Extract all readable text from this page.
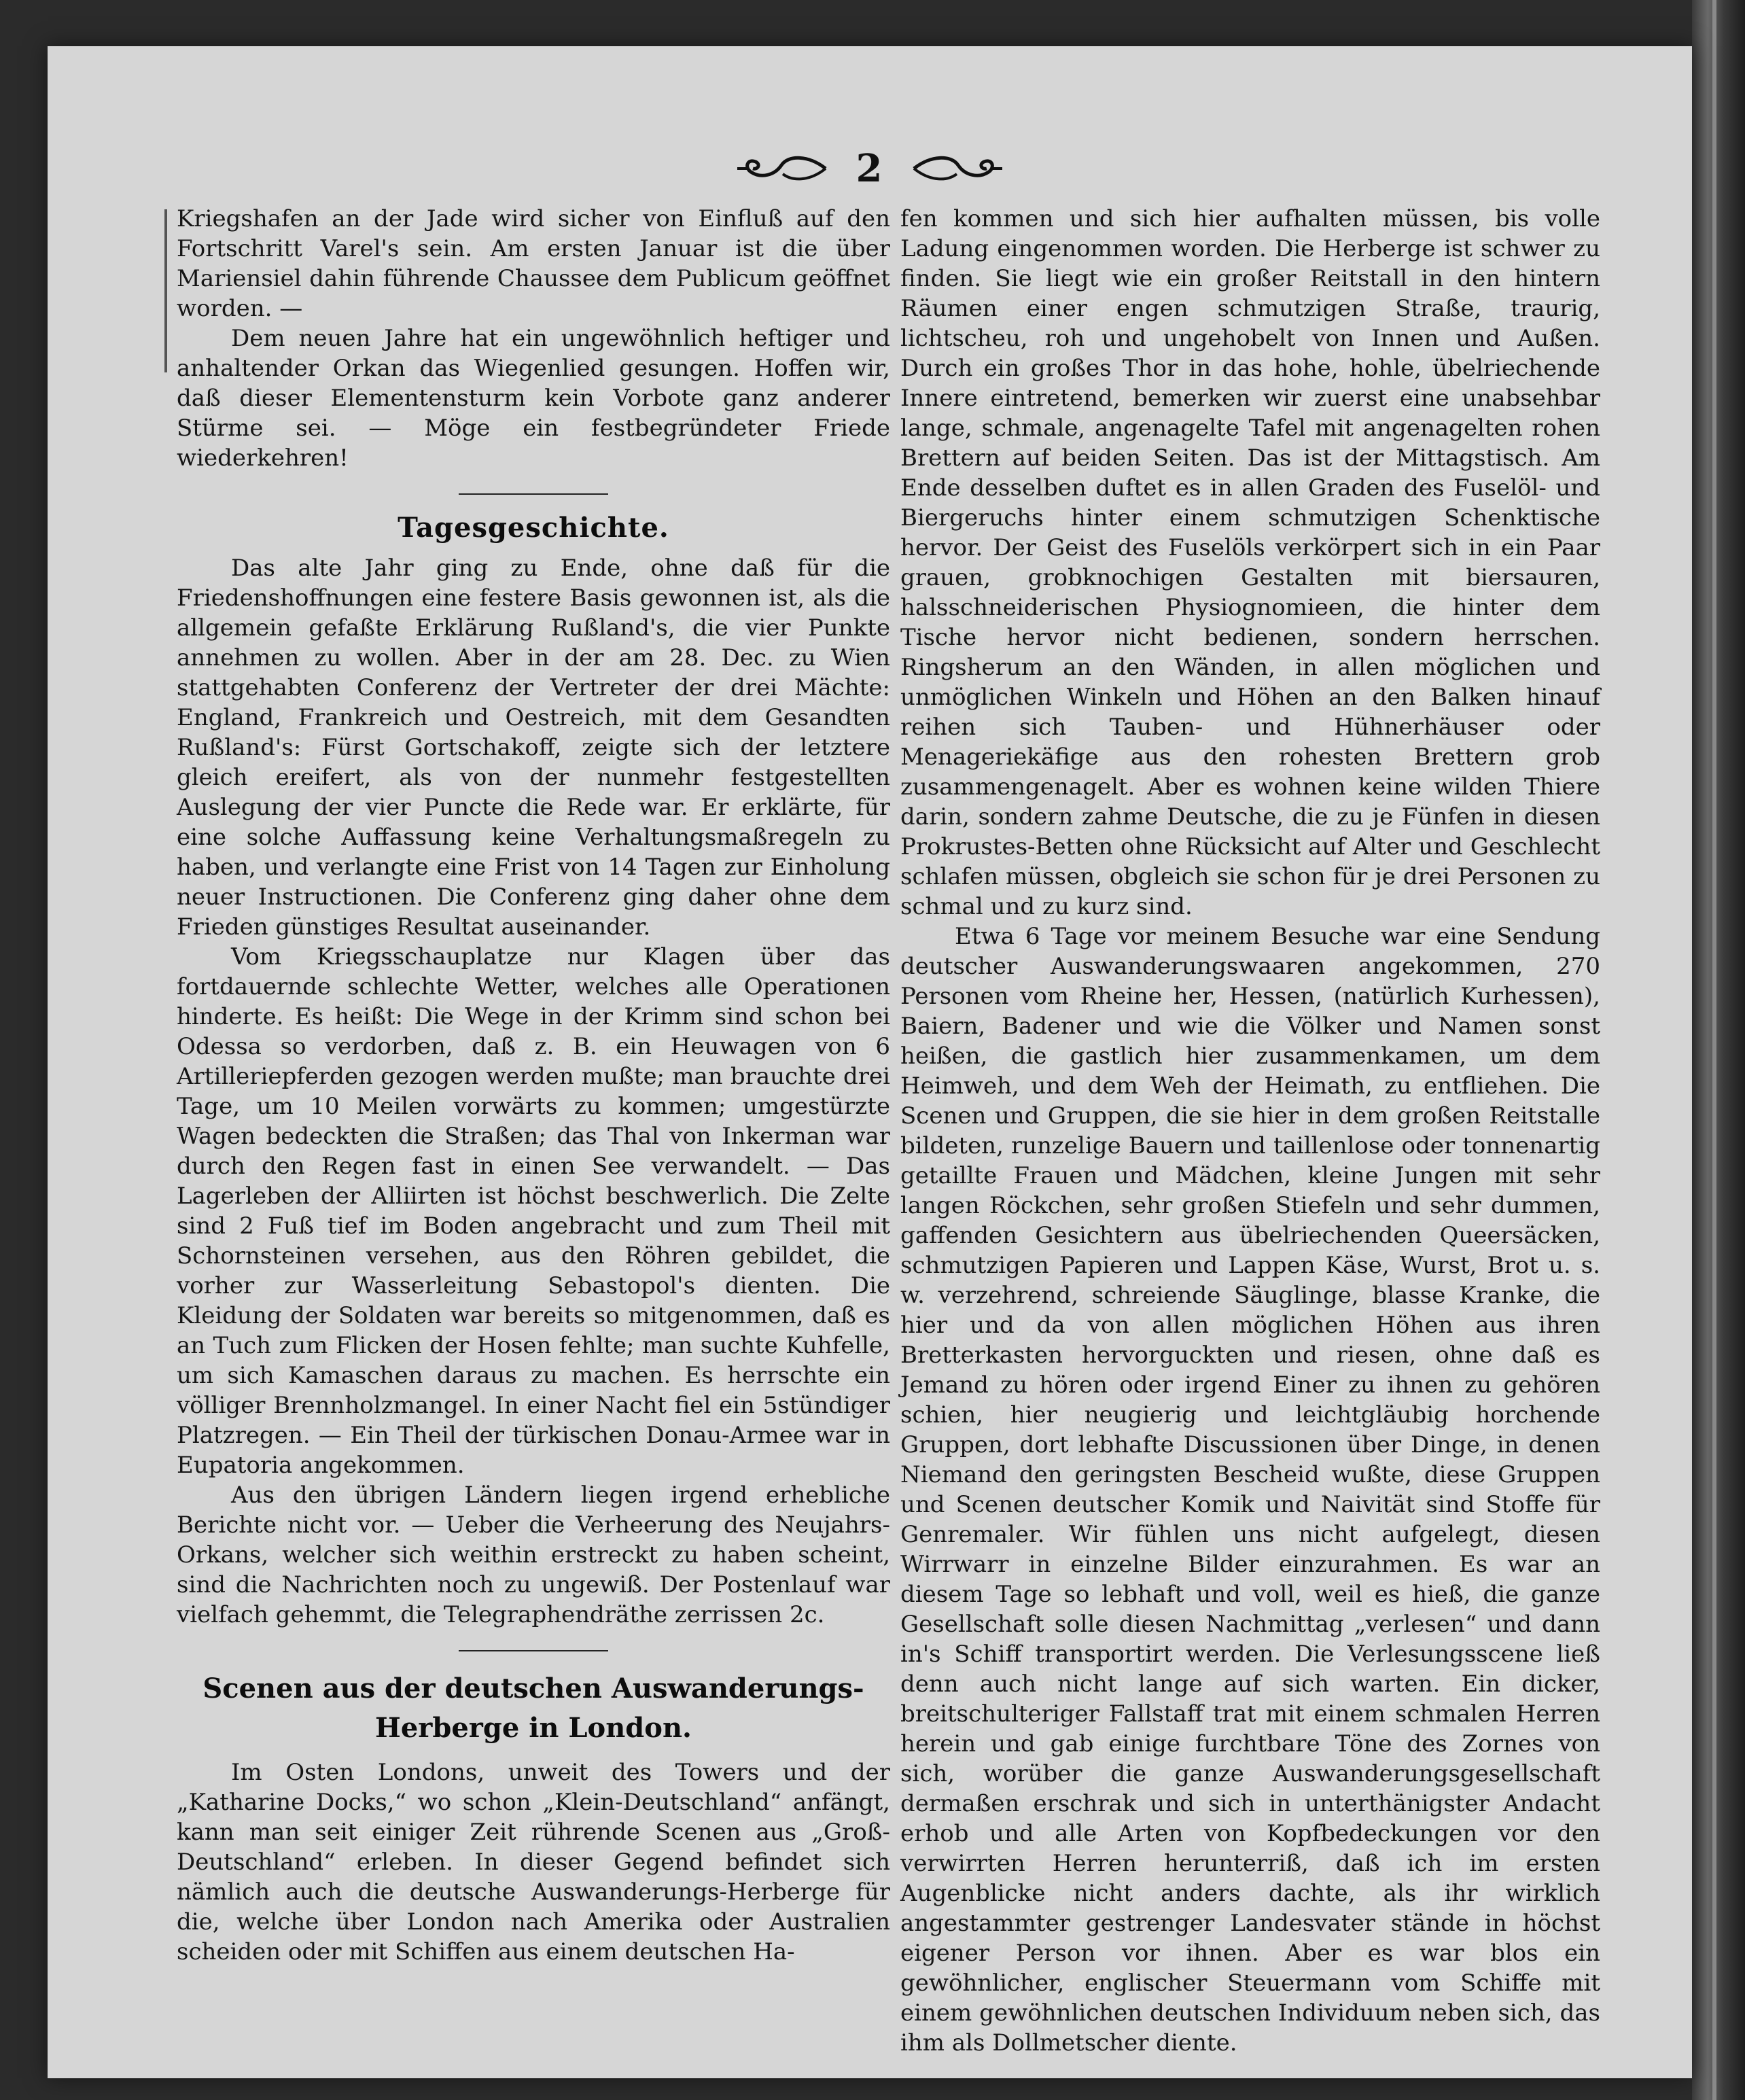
2

Kriegshafen an der Jade wird sicher von Einfluß auf den Fortschritt Varel's sein. Am ersten Januar ist die über Mariensiel dahin führende Chaussee dem Publicum geöffnet worden. —

Dem neuen Jahre hat ein ungewöhnlich heftiger und anhaltender Orkan das Wiegenlied gesungen. Hoffen wir, daß dieser Elementensturm kein Vorbote ganz anderer Stürme sei. — Möge ein festbegründeter Friede wiederkehren!

Tagesgeschichte.

Das alte Jahr ging zu Ende, ohne daß für die Friedenshoffnungen eine festere Basis gewonnen ist, als die allgemein gefaßte Erklärung Rußland's, die vier Punkte annehmen zu wollen. Aber in der am 28. Dec. zu Wien stattgehabten Conferenz der Vertreter der drei Mächte: England, Frankreich und Oestreich, mit dem Gesandten Rußland's: Fürst Gortschakoff, zeigte sich der letztere gleich ereifert, als von der nunmehr festgestellten Auslegung der vier Puncte die Rede war. Er erklärte, für eine solche Auffassung keine Verhaltungsmaßregeln zu haben, und verlangte eine Frist von 14 Tagen zur Einholung neuer Instructionen. Die Conferenz ging daher ohne dem Frieden günstiges Resultat auseinander.

Vom Kriegsschauplatze nur Klagen über das fortdauernde schlechte Wetter, welches alle Operationen hinderte. Es heißt: Die Wege in der Krimm sind schon bei Odessa so verdorben, daß z. B. ein Heuwagen von 6 Artilleriepferden gezogen werden mußte; man brauchte drei Tage, um 10 Meilen vorwärts zu kommen; umgestürzte Wagen bedeckten die Straßen; das Thal von Inkerman war durch den Regen fast in einen See verwandelt. — Das Lagerleben der Alliirten ist höchst beschwerlich. Die Zelte sind 2 Fuß tief im Boden angebracht und zum Theil mit Schornsteinen versehen, aus den Röhren gebildet, die vorher zur Wasserleitung Sebastopol's dienten. Die Kleidung der Soldaten war bereits so mitgenommen, daß es an Tuch zum Flicken der Hosen fehlte; man suchte Kuhfelle, um sich Kamaschen daraus zu machen. Es herrschte ein völliger Brennholzmangel. In einer Nacht fiel ein 5stündiger Platzregen. — Ein Theil der türkischen Donau-Armee war in Eupatoria angekommen.

Aus den übrigen Ländern liegen irgend erhebliche Berichte nicht vor. — Ueber die Verheerung des Neujahrs-Orkans, welcher sich weithin erstreckt zu haben scheint, sind die Nachrichten noch zu ungewiß. Der Postenlauf war vielfach gehemmt, die Telegraphendräthe zerrissen 2c.

Scenen aus der deutschen Auswanderungs-
Herberge in London.

Im Osten Londons, unweit des Towers und der „Katharine Docks,“ wo schon „Klein-Deutschland“ anfängt, kann man seit einiger Zeit rührende Scenen aus „Groß-Deutschland“ erleben. In dieser Gegend befindet sich nämlich auch die deutsche Auswanderungs-Herberge für die, welche über London nach Amerika oder Australien scheiden oder mit Schiffen aus einem deutschen Ha-

fen kommen und sich hier aufhalten müssen, bis volle Ladung eingenommen worden. Die Herberge ist schwer zu finden. Sie liegt wie ein großer Reitstall in den hintern Räumen einer engen schmutzigen Straße, traurig, lichtscheu, roh und ungehobelt von Innen und Außen. Durch ein großes Thor in das hohe, hohle, übelriechende Innere eintretend, bemerken wir zuerst eine unabsehbar lange, schmale, angenagelte Tafel mit angenagelten rohen Brettern auf beiden Seiten. Das ist der Mittagstisch. Am Ende desselben duftet es in allen Graden des Fuselöl- und Biergeruchs hinter einem schmutzigen Schenktische hervor. Der Geist des Fuselöls verkörpert sich in ein Paar grauen, grobknochigen Gestalten mit biersauren, halsschneiderischen Physiognomieen, die hinter dem Tische hervor nicht bedienen, sondern herrschen. Ringsherum an den Wänden, in allen möglichen und unmöglichen Winkeln und Höhen an den Balken hinauf reihen sich Tauben- und Hühnerhäuser oder Menageriekäfige aus den rohesten Brettern grob zusammengenagelt. Aber es wohnen keine wilden Thiere darin, sondern zahme Deutsche, die zu je Fünfen in diesen Prokrustes-Betten ohne Rücksicht auf Alter und Geschlecht schlafen müssen, obgleich sie schon für je drei Personen zu schmal und zu kurz sind.

Etwa 6 Tage vor meinem Besuche war eine Sendung deutscher Auswanderungswaaren angekommen, 270 Personen vom Rheine her, Hessen, (natürlich Kurhessen), Baiern, Badener und wie die Völker und Namen sonst heißen, die gastlich hier zusammenkamen, um dem Heimweh, und dem Weh der Heimath, zu entfliehen. Die Scenen und Gruppen, die sie hier in dem großen Reitstalle bildeten, runzelige Bauern und taillenlose oder tonnenartig getaillte Frauen und Mädchen, kleine Jungen mit sehr langen Röckchen, sehr großen Stiefeln und sehr dummen, gaffenden Gesichtern aus übelriechenden Queersäcken, schmutzigen Papieren und Lappen Käse, Wurst, Brot u. s. w. verzehrend, schreiende Säuglinge, blasse Kranke, die hier und da von allen möglichen Höhen aus ihren Bretterkasten hervorguckten und riesen, ohne daß es Jemand zu hören oder irgend Einer zu ihnen zu gehören schien, hier neugierig und leichtgläubig horchende Gruppen, dort lebhafte Discussionen über Dinge, in denen Niemand den geringsten Bescheid wußte, diese Gruppen und Scenen deutscher Komik und Naivität sind Stoffe für Genremaler. Wir fühlen uns nicht aufgelegt, diesen Wirrwarr in einzelne Bilder einzurahmen. Es war an diesem Tage so lebhaft und voll, weil es hieß, die ganze Gesellschaft solle diesen Nachmittag „verlesen“ und dann in's Schiff transportirt werden. Die Verlesungsscene ließ denn auch nicht lange auf sich warten. Ein dicker, breitschulteriger Fallstaff trat mit einem schmalen Herren herein und gab einige furchtbare Töne des Zornes von sich, worüber die ganze Auswanderungsgesellschaft dermaßen erschrak und sich in unterthänigster Andacht erhob und alle Arten von Kopfbedeckungen vor den verwirrten Herren herunterriß, daß ich im ersten Augenblicke nicht anders dachte, als ihr wirklich angestammter gestrenger Landesvater stände in höchst eigener Person vor ihnen. Aber es war blos ein gewöhnlicher, englischer Steuermann vom Schiffe mit einem gewöhnlichen deutschen Individuum neben sich, das ihm als Dollmetscher diente.
